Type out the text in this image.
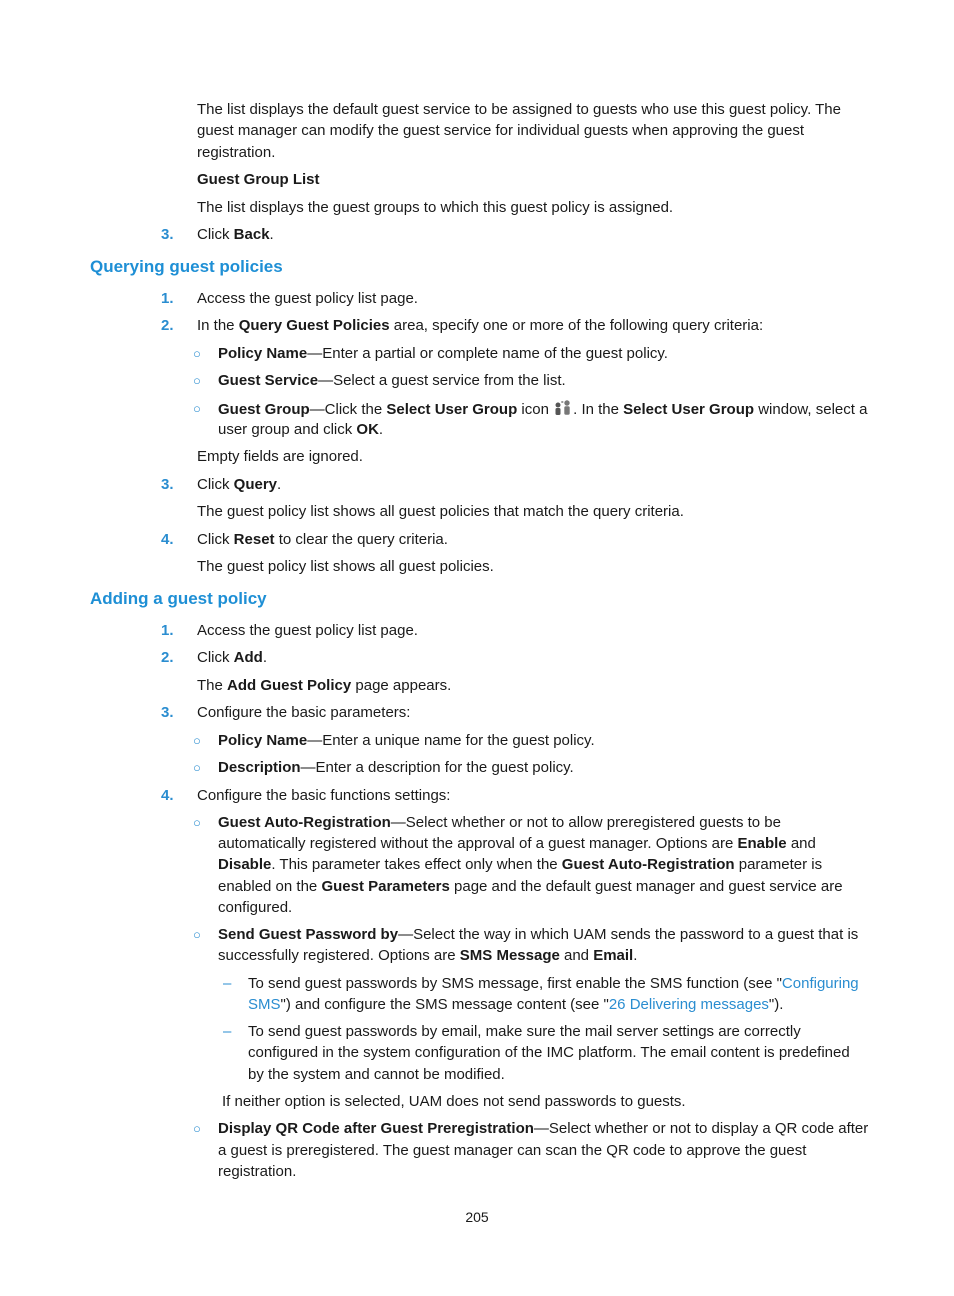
The list displays the default guest service to be assigned to guests who use this guest policy. The
guest manager can modify the guest service for individual guests when approving the guest
registration.
Guest Group List
The list displays the guest groups to which this guest policy is assigned.
3.	Click Back.
Querying guest policies
1.	Access the guest policy list page.
2.	In the Query Guest Policies area, specify one or more of the following query criteria:
○ Policy Name—Enter a partial or complete name of the guest policy.
○ Guest Service—Select a guest service from the list.
○ Guest Group—Click the Select User Group icon . In the Select User Group window, select a
user group and click OK.
Empty fields are ignored.
3.	Click Query.
The guest policy list shows all guest policies that match the query criteria.
4.	Click Reset to clear the query criteria.
The guest policy list shows all guest policies.
Adding a guest policy
1.	Access the guest policy list page.
2.	Click Add.
The Add Guest Policy page appears.
3.	Configure the basic parameters:
○ Policy Name—Enter a unique name for the guest policy.
○ Description—Enter a description for the guest policy.
4.	Configure the basic functions settings:
○ Guest Auto-Registration—Select whether or not to allow preregistered guests to be
automatically registered without the approval of a guest manager. Options are Enable and
Disable. This parameter takes effect only when the Guest Auto-Registration parameter is
enabled on the Guest Parameters page and the default guest manager and guest service are
configured.
○ Send Guest Password by—Select the way in which UAM sends the password to a guest that is
successfully registered. Options are SMS Message and Email.
– To send guest passwords by SMS message, first enable the SMS function (see "Configuring
SMS") and configure the SMS message content (see "26 Delivering messages").
– To send guest passwords by email, make sure the mail server settings are correctly
configured in the system configuration of the IMC platform. The email content is predefined
by the system and cannot be modified.
If neither option is selected, UAM does not send passwords to guests.
○ Display QR Code after Guest Preregistration—Select whether or not to display a QR code after
a guest is preregistered. The guest manager can scan the QR code to approve the guest
registration.
205
